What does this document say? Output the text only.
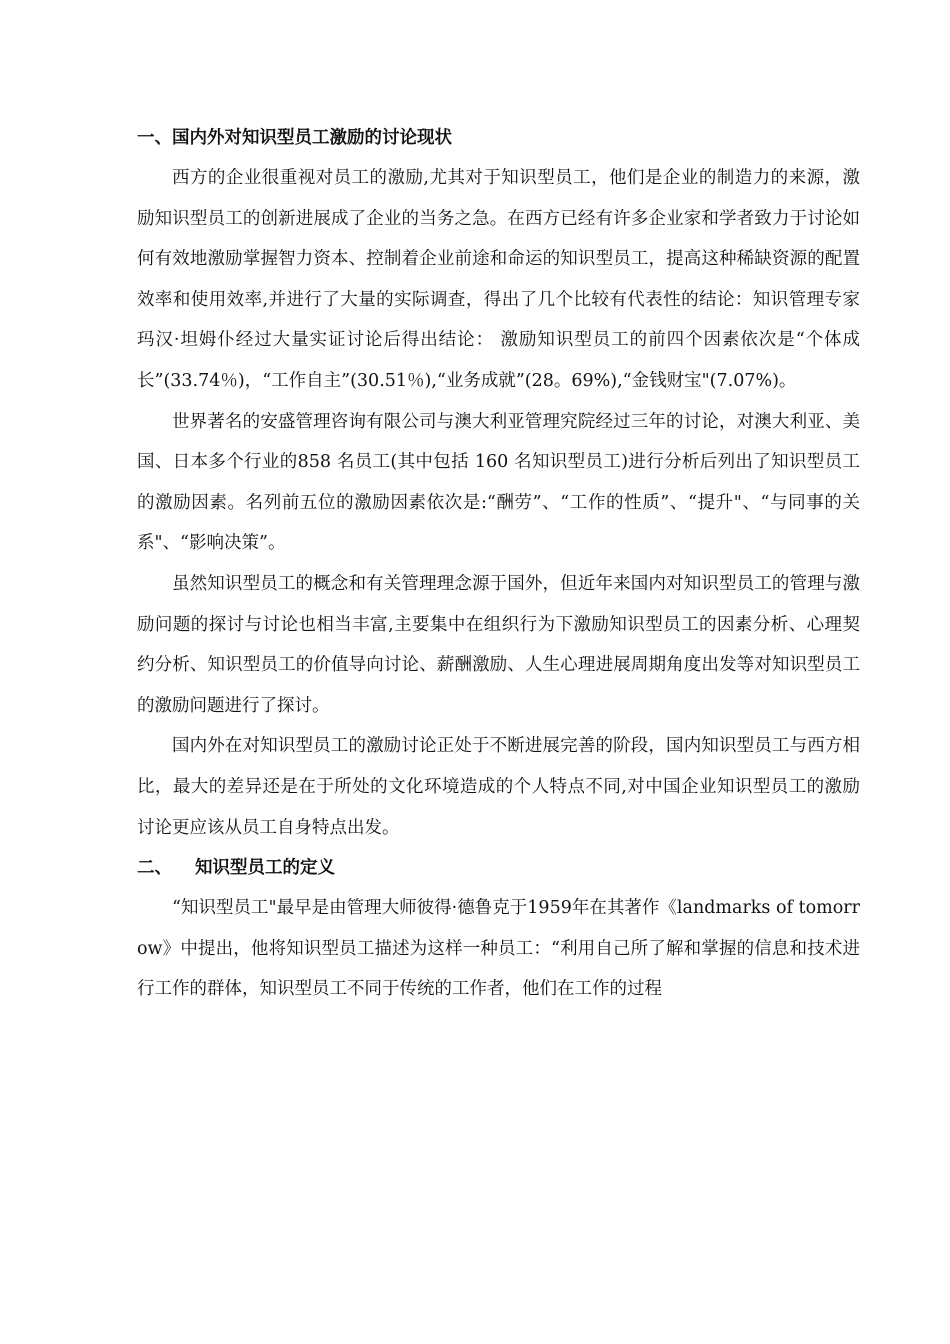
一、国内外对知识型员工激励的讨论现状

西方的企业很重视对员工的激励,尤其对于知识型员工，他们是企业的制造力的来源，激励知识型员工的创新进展成了企业的当务之急。在西方已经有许多企业家和学者致力于讨论如何有效地激励掌握智力资本、控制着企业前途和命运的知识型员工，提高这种稀缺资源的配置效率和使用效率,并进行了大量的实际调查，得出了几个比较有代表性的结论：知识管理专家玛汉·坦姆仆经过大量实证讨论后得出结论： 激励知识型员工的前四个因素依次是“个体成长”(33.74％)，“工作自主”(30.51％),“业务成就”(28。69%),“金钱财宝"(7.07%)。

世界著名的安盛管理咨询有限公司与澳大利亚管理究院经过三年的讨论，对澳大利亚、美国、日本多个行业的858 名员工(其中包括 160 名知识型员工)进行分析后列出了知识型员工的激励因素。名列前五位的激励因素依次是:“酬劳”、“工作的性质”、“提升"、“与同事的关系"、“影响决策”。

虽然知识型员工的概念和有关管理理念源于国外，但近年来国内对知识型员工的管理与激励问题的探讨与讨论也相当丰富,主要集中在组织行为下激励知识型员工的因素分析、心理契约分析、知识型员工的价值导向讨论、薪酬激励、人生心理进展周期角度出发等对知识型员工的激励问题进行了探讨。

国内外在对知识型员工的激励讨论正处于不断进展完善的阶段，国内知识型员工与西方相比，最大的差异还是在于所处的文化环境造成的个人特点不同,对中国企业知识型员工的激励讨论更应该从员工自身特点出发。

二、 知识型员工的定义

“知识型员工"最早是由管理大师彼得·德鲁克于1959年在其著作《landmarks of tomorrow》中提出，他将知识型员工描述为这样一种员工：“利用自己所了解和掌握的信息和技术进行工作的群体，知识型员工不同于传统的工作者，他们在工作的过程
